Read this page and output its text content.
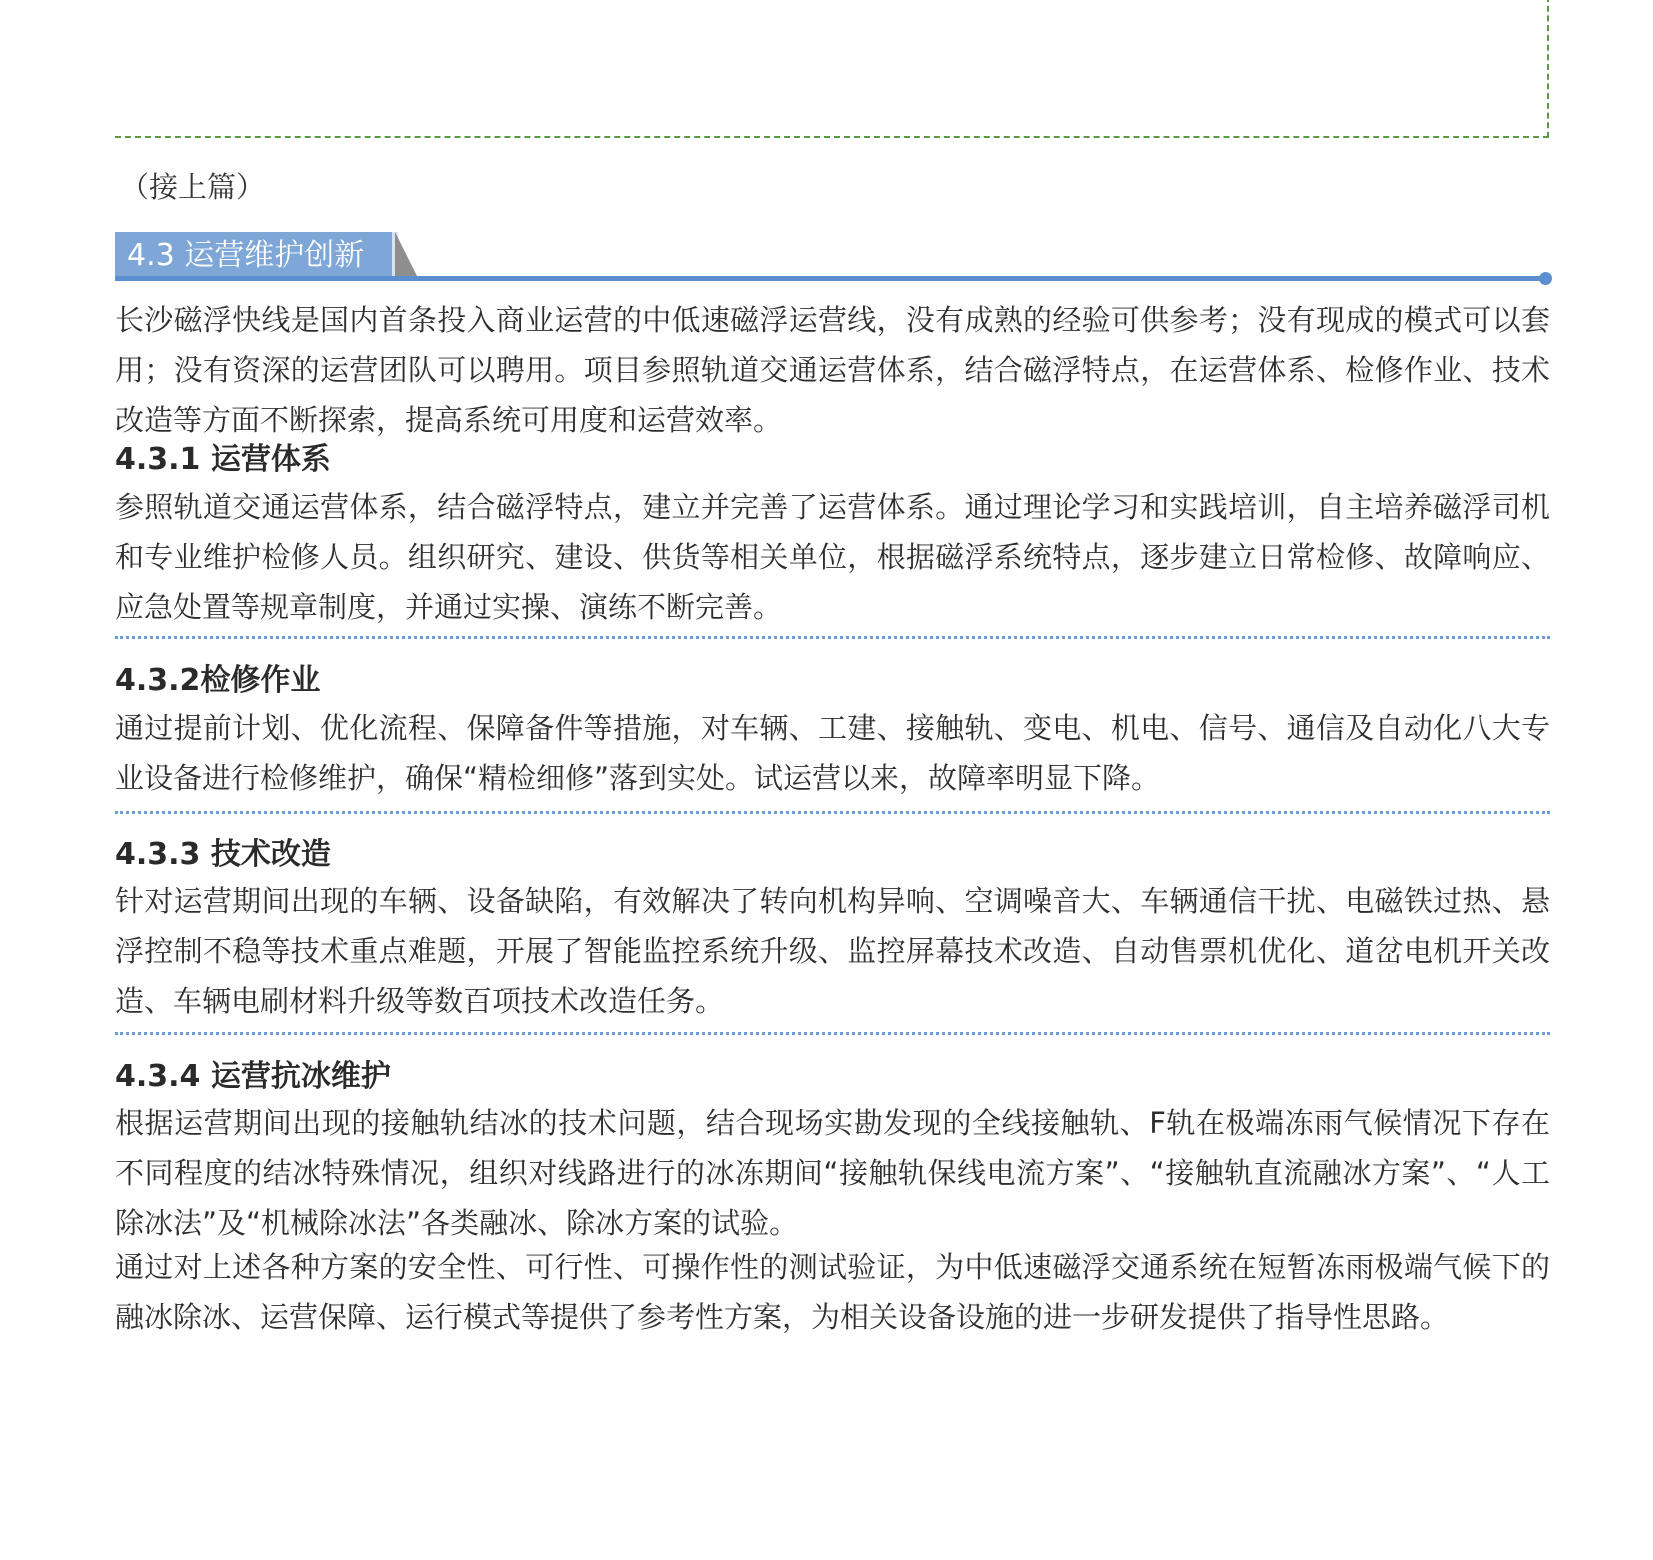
（接上篇）
4.3 运营维护创新

长沙磁浮快线是国内首条投入商业运营的中低速磁浮运营线，没有成熟的经验可供参考；没有现成的模式可以套用；没有资深的运营团队可以聘用。项目参照轨道交通运营体系，结合磁浮特点，在运营体系、检修作业、技术改造等方面不断探索，提高系统可用度和运营效率。

4.3.1 运营体系

参照轨道交通运营体系，结合磁浮特点，建立并完善了运营体系。通过理论学习和实践培训，自主培养磁浮司机和专业维护检修人员。组织研究、建设、供货等相关单位，根据磁浮系统特点，逐步建立日常检修、故障响应、应急处置等规章制度，并通过实操、演练不断完善。

4.3.2检修作业

通过提前计划、优化流程、保障备件等措施，对车辆、工建、接触轨、变电、机电、信号、通信及自动化八大专业设备进行检修维护，确保“精检细修”落到实处。试运营以来，故障率明显下降。

4.3.3 技术改造

针对运营期间出现的车辆、设备缺陷，有效解决了转向机构异响、空调噪音大、车辆通信干扰、电磁铁过热、悬浮控制不稳等技术重点难题，开展了智能监控系统升级、监控屏幕技术改造、自动售票机优化、道岔电机开关改造、车辆电刷材料升级等数百项技术改造任务。

4.3.4 运营抗冰维护

根据运营期间出现的接触轨结冰的技术问题，结合现场实勘发现的全线接触轨、F轨在极端冻雨气候情况下存在不同程度的结冰特殊情况，组织对线路进行的冰冻期间“接触轨保线电流方案”、“接触轨直流融冰方案”、“人工除冰法”及“机械除冰法”各类融冰、除冰方案的试验。

通过对上述各种方案的安全性、可行性、可操作性的测试验证，为中低速磁浮交通系统在短暂冻雨极端气候下的融冰除冰、运营保障、运行模式等提供了参考性方案，为相关设备设施的进一步研发提供了指导性思路。
